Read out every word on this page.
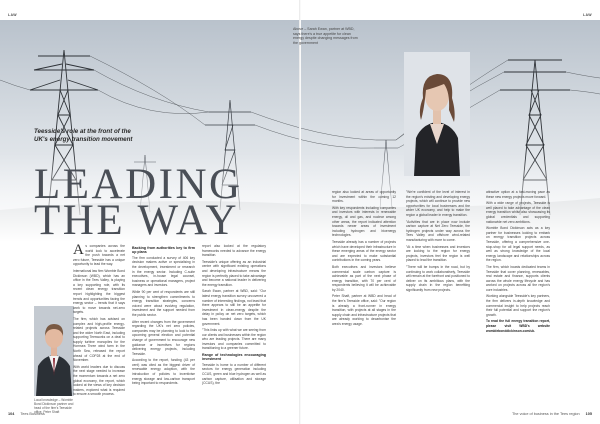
LAW	LAW
Above – Sarah Ewan, partner at WBD, says there's a true appetite for clean energy despite changing messages from the government
Teesside's role at the front of the
UK's energy transition movement
LEADING
THE WAY
Local knowledge – Womble Bond Dickinson partner and head of the firm's Teesside office, Peter Shaft

As companies across the world look to accelerate the push towards a net zero future, Teesside has a unique opportunity to lead the way.

International law firm Womble Bond Dickinson (WBD), which has an office in the Tees Valley, is playing a key supporting role, with its recent clean energy transition report highlighting the biggest trends and opportunities facing the energy sector – trends that it says work to move towards net-zero targets.

The firm, which has advised on complex and high-profile energy-related projects across Teesside and the wider North East, including supporting Teesworks on a deal to supply turbine monopiles for the Hornsea Three wind farm in the North Sea, released the report ahead of COP28 at the end of November.

With world leaders due to discuss the next stage needed to increase the momentum towards a net zero global economy, the report, which looked at the views of key decision makers, explored what is required to ensure a smooth process.

Backing from authorities key to firm up plans

The firm conducted a survey of 406 key decision makers active or specialising in the development, investment or research in the energy sector. Including C-suite executives, in-house legal counsel, business or operational managers, project managers and investors.

While 90 per cent of respondents are still planning to strengthen commitments to energy transition strategies, concerns voiced were about evolving regulation, investment and the support needed from the public sector.

After recent changes from the government regarding the UK's net zero policies, companies may be planning to look to the upcoming general election and potential change of government to encourage new guidance or incentives for regions delivering energy projects, including Teesside.

According to the report, funding (43 per cent) was cited as the biggest driver of renewable energy adoption, with the introduction of policies to incentivise energy storage and low-carbon transport being important to respondents.

report also looked at the regulatory frameworks needed to advance the energy transition.

Teesside's unique offering as an industrial centre with significant existing operations and developing infrastructure means the region is perfectly placed to take advantage and become a national leader in delivering the energy transition.

Sarah Ewan, partner at WBD, said: "Our latest energy transition survey uncovered a number of interesting findings, not least that there appears to still be an appetite for investment in clean-energy despite the delay in policy on net zero targets, which has been handed down from the UK government.

"This links up with what we are seeing from our clients and businesses within the region who are leading projects. There are many investors and companies committed to transitioning to a greener future.

Range of technologies encouraging investment

Teesside is home to a number of different sectors for energy generation including CCUS, green and blue hydrogen as well as carbon capture, utilisation and storage (CCUS), the

region also looked at areas of opportunity for investment within the coming 12 months.

With key respondents including companies and investors with interests in renewable energy, oil and gas, and nuclear among other areas, the report indicated attention towards newer areas of investment including hydrogen and bioenergy technologies.

Teesside already has a number of projects which have developed their infrastructure in these emerging areas of the energy sector and are expected to make substantial contributions in the coming years.

Both executives and investors believe commercial scale carbon capture is achievable as part of the next phase of energy transition, with 70 per cent of respondents believing it will be achievable by 2040.

Peter Shaft, partner at WBD and head of the firm's Teesside office, said: "Our region is already a front-runner in energy transition, with projects at all stages in the supply chain and infrastructure projects that are already working to decarbonise the area's energy usage.

"We're confident of the level of interest in the region's existing and developing energy projects, which will continue to provide new opportunities for local businesses and the wider UK economy, and help to make the region a global leader in energy transition.

"Activities that are in place now include carbon capture at Net Zero Teesside, the hydrogen projects under way across the Tees Valley and offshore wind-related manufacturing with more to come.

"At a time when businesses and investors are looking to the region for energy projects, investors feel the region is well placed to lead the transition.

"There will be bumps in the road, but by continuing to work collaboratively, Teesside will remain at the forefront and positioned to deliver on its ambitious plans, with the supply chain in the region benefiting significantly from new projects.

attractive option at a fast-moving pace as these new energy projects move forward.

With a wide range of projects, Teesside is well placed to take advantage of the clean energy transition whilst also showcasing its global credentials and supporting nationwide net zero ambitions.

Womble Bond Dickinson acts as a key partner for businesses looking to embark on energy transition projects across Teesside, offering a comprehensive one-stop-shop for all legal support needs, as well as strong knowledge of the local energy landscape and relationships across the region.

The firm, which boasts dedicated teams in Teesside that cover planning, renewables, real estate and finance, supports clients across the whole energy lifecycle and has worked on projects across all the region's core industries.

Working alongside Teesside's key partners, the firm delivers in-depth knowledge and commercial insight to help projects reach their full potential and support the region's growth.

To read the full energy transition report, please visit WBD's website womblebonddickinson.com/uk.

104 Tees Business	The voice of business in the Tees region 105
